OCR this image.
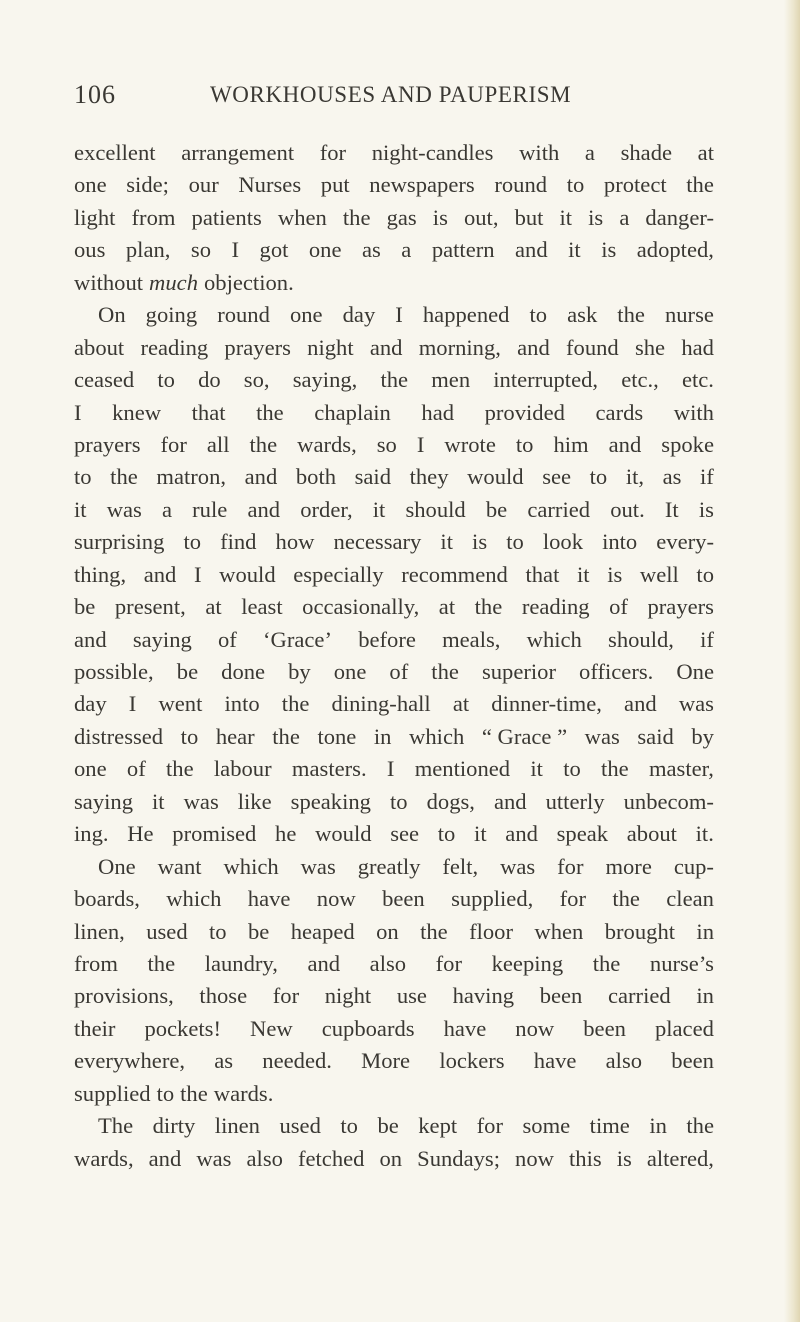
106	WORKHOUSES AND PAUPERISM
excellent arrangement for night-candles with a shade at
one side; our Nurses put newspapers round to protect the
light from patients when the gas is out, but it is a danger-
ous plan, so I got one as a pattern and it is adopted,
without much objection.
On going round one day I happened to ask the nurse
about reading prayers night and morning, and found she had
ceased to do so, saying, the men interrupted, etc., etc.
I knew that the chaplain had provided cards with
prayers for all the wards, so I wrote to him and spoke
to the matron, and both said they would see to it, as if
it was a rule and order, it should be carried out. It is
surprising to find how necessary it is to look into every-
thing, and I would especially recommend that it is well to
be present, at least occasionally, at the reading of prayers
and saying of ‘Grace’ before meals, which should, if
possible, be done by one of the superior officers. One
day I went into the dining-hall at dinner-time, and was
distressed to hear the tone in which “ Grace ” was said by
one of the labour masters. I mentioned it to the master,
saying it was like speaking to dogs, and utterly unbecom-
ing. He promised he would see to it and speak about it.
One want which was greatly felt, was for more cup-
boards, which have now been supplied, for the clean
linen, used to be heaped on the floor when brought in
from the laundry, and also for keeping the nurse’s
provisions, those for night use having been carried in
their pockets! New cupboards have now been placed
everywhere, as needed. More lockers have also been
supplied to the wards.
The dirty linen used to be kept for some time in the
wards, and was also fetched on Sundays; now this is altered,
